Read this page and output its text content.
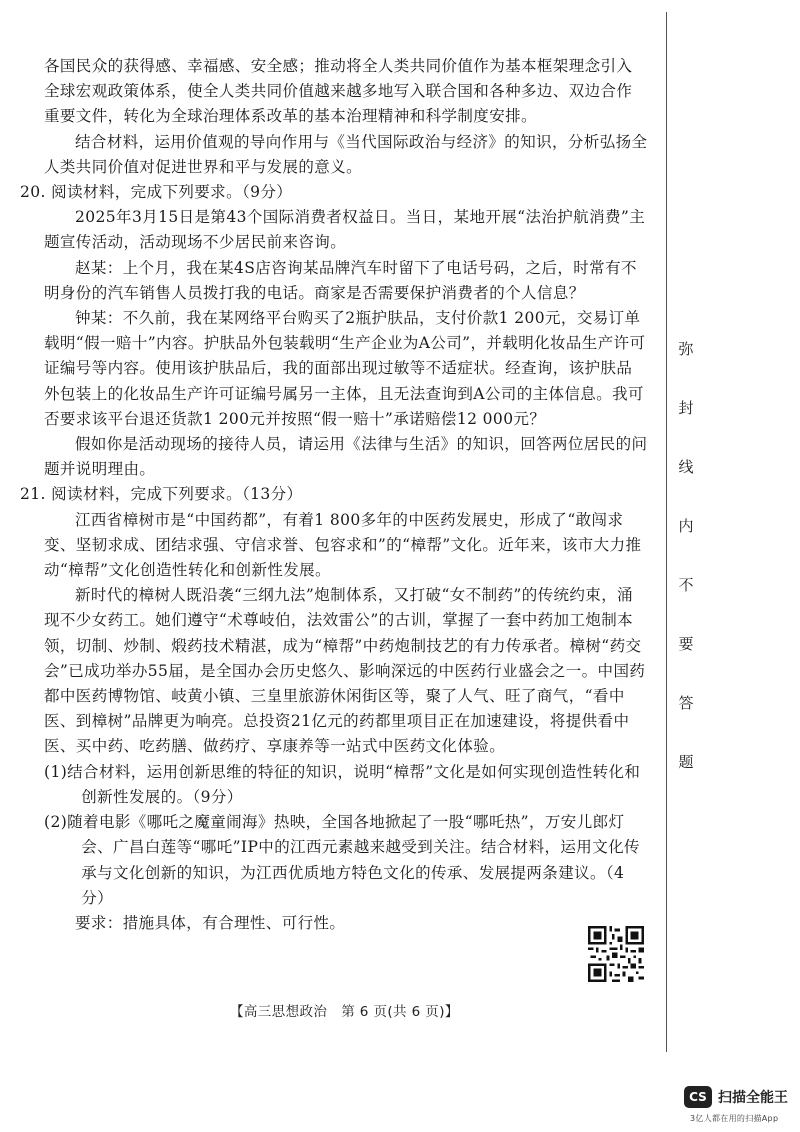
各国民众的获得感、幸福感、安全感；推动将全人类共同价值作为基本框架理念引入全球宏观政策体系，使全人类共同价值越来越多地写入联合国和各种多边、双边合作重要文件，转化为全球治理体系改革的基本治理精神和科学制度安排。

结合材料，运用价值观的导向作用与《当代国际政治与经济》的知识，分析弘扬全人类共同价值对促进世界和平与发展的意义。

20. 阅读材料，完成下列要求。（9分）

2025年3月15日是第43个国际消费者权益日。当日，某地开展“法治护航消费”主题宣传活动，活动现场不少居民前来咨询。

赵某：上个月，我在某4S店咨询某品牌汽车时留下了电话号码，之后，时常有不明身份的汽车销售人员拨打我的电话。商家是否需要保护消费者的个人信息？

钟某：不久前，我在某网络平台购买了2瓶护肤品，支付价款1 200元，交易订单载明“假一赔十”内容。护肤品外包装载明“生产企业为A公司”，并载明化妆品生产许可证编号等内容。使用该护肤品后，我的面部出现过敏等不适症状。经查询，该护肤品外包装上的化妆品生产许可证编号属另一主体，且无法查询到A公司的主体信息。我可否要求该平台退还货款1 200元并按照“假一赔十”承诺赔偿12 000元？

假如你是活动现场的接待人员，请运用《法律与生活》的知识，回答两位居民的问题并说明理由。

21. 阅读材料，完成下列要求。（13分）

江西省樟树市是“中国药都”，有着1 800多年的中医药发展史，形成了“敢闯求变、坚韧求成、团结求强、守信求誉、包容求和”的“樟帮”文化。近年来，该市大力推动“樟帮”文化创造性转化和创新性发展。

新时代的樟树人既沿袭“三纲九法”炮制体系，又打破“女不制药”的传统约束，涌现不少女药工。她们遵守“术尊岐伯，法效雷公”的古训，掌握了一套中药加工炮制本领，切制、炒制、煅药技术精湛，成为“樟帮”中药炮制技艺的有力传承者。樟树“药交会”已成功举办55届，是全国办会历史悠久、影响深远的中医药行业盛会之一。中国药都中医药博物馆、岐黄小镇、三皇里旅游休闲街区等，聚了人气、旺了商气，“看中医、到樟树”品牌更为响亮。总投资21亿元的药都里项目正在加速建设，将提供看中医、买中药、吃药膳、做药疗、享康养等一站式中医药文化体验。

(1)结合材料，运用创新思维的特征的知识，说明“樟帮”文化是如何实现创造性转化和创新性发展的。（9分）

(2)随着电影《哪吒之魔童闹海》热映，全国各地掀起了一股“哪吒热”，万安儿郎灯会、广昌白莲等“哪吒”IP中的江西元素越来越受到关注。结合材料，运用文化传承与文化创新的知识，为江西优质地方特色文化的传承、发展提两条建议。（4分）

要求：措施具体，有合理性、可行性。

弥
封
线
内
不
要
答
题
【高三思想政治　第 6 页(共 6 页)】
CS 扫描全能王
3亿人都在用的扫描App
